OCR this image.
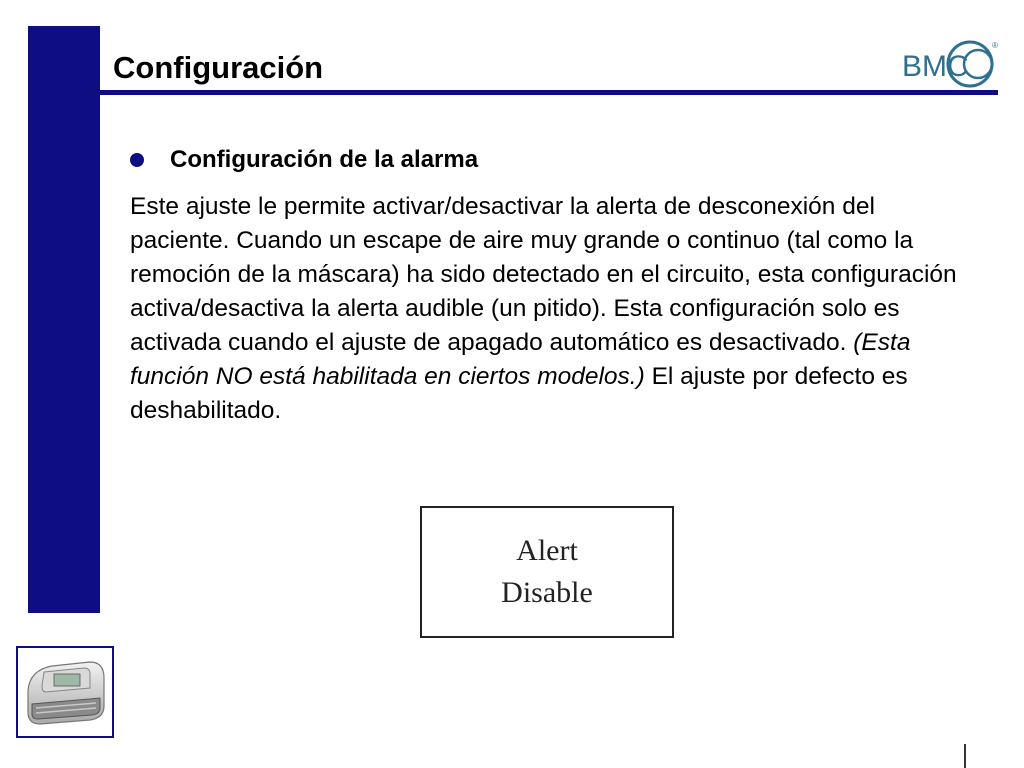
Configuración	BMC
®
Configuración de la alarma

Este ajuste le permite activar/desactivar la alerta de desconexión del paciente. Cuando un escape de aire muy grande o continuo (tal como la remoción de la máscara) ha sido detectado en el circuito, esta configuración activa/desactiva la alerta audible (un pitido). Esta configuración solo es activada cuando el ajuste de apagado automático es desactivado. (Esta función NO está habilitada en ciertos modelos.) El ajuste por defecto es deshabilitado.

Alert
Disable
